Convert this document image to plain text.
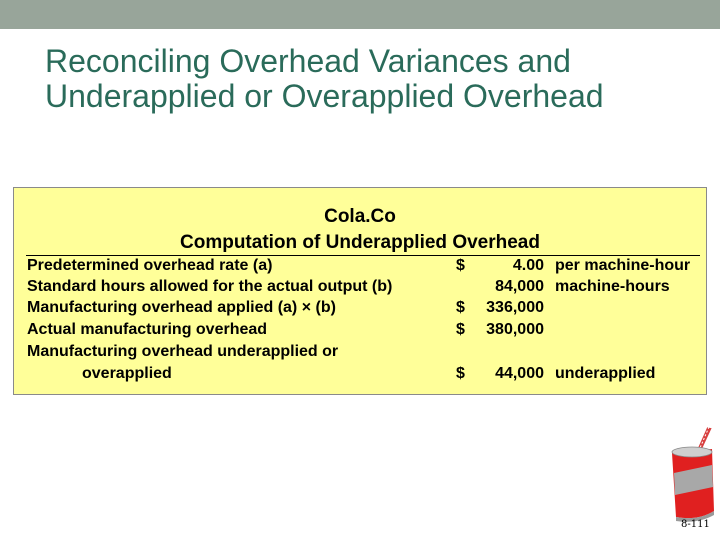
Reconciling Overhead Variances and
Underapplied or Overapplied Overhead
Cola.Co
Computation of Underapplied Overhead
Predetermined overhead rate (a)	$	4.00 per machine-hour
Standard hours allowed for the actual output (b)	84,000 machine-hours
Manufacturing overhead applied (a) × (b)	$	336,000
Actual manufacturing overhead	$	380,000
Manufacturing overhead underapplied or
overapplied	$	44,000 underapplied
8-111
